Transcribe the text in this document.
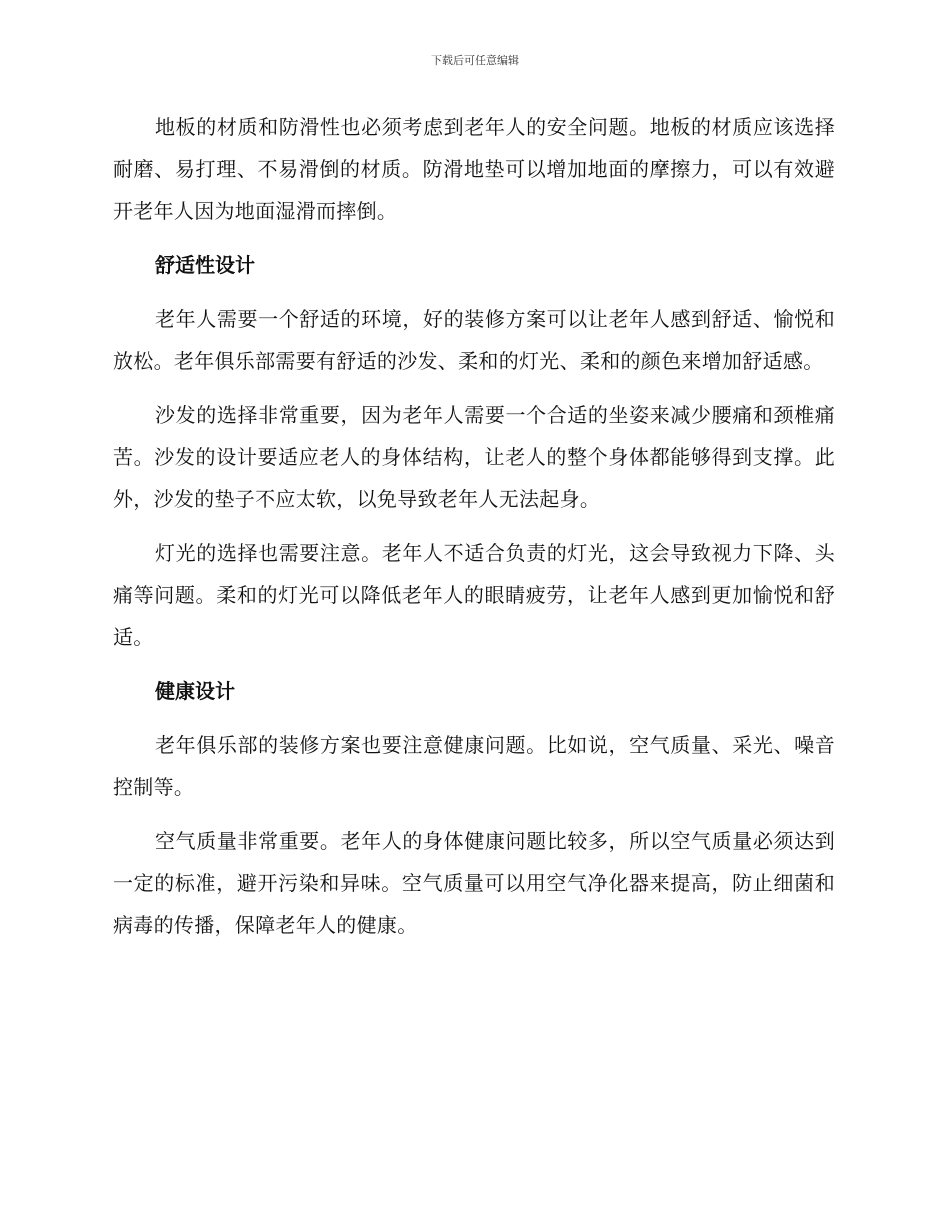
下载后可任意编辑

地板的材质和防滑性也必须考虑到老年人的安全问题。地板的材质应该选择耐磨、易打理、不易滑倒的材质。防滑地垫可以增加地面的摩擦力，可以有效避开老年人因为地面湿滑而摔倒。

舒适性设计

老年人需要一个舒适的环境，好的装修方案可以让老年人感到舒适、愉悦和放松。老年俱乐部需要有舒适的沙发、柔和的灯光、柔和的颜色来增加舒适感。

沙发的选择非常重要，因为老年人需要一个合适的坐姿来减少腰痛和颈椎痛苦。沙发的设计要适应老人的身体结构，让老人的整个身体都能够得到支撑。此外，沙发的垫子不应太软，以免导致老年人无法起身。

灯光的选择也需要注意。老年人不适合负责的灯光，这会导致视力下降、头痛等问题。柔和的灯光可以降低老年人的眼睛疲劳，让老年人感到更加愉悦和舒适。

健康设计

老年俱乐部的装修方案也要注意健康问题。比如说，空气质量、采光、噪音控制等。

空气质量非常重要。老年人的身体健康问题比较多，所以空气质量必须达到一定的标准，避开污染和异味。空气质量可以用空气净化器来提高，防止细菌和病毒的传播，保障老年人的健康。
